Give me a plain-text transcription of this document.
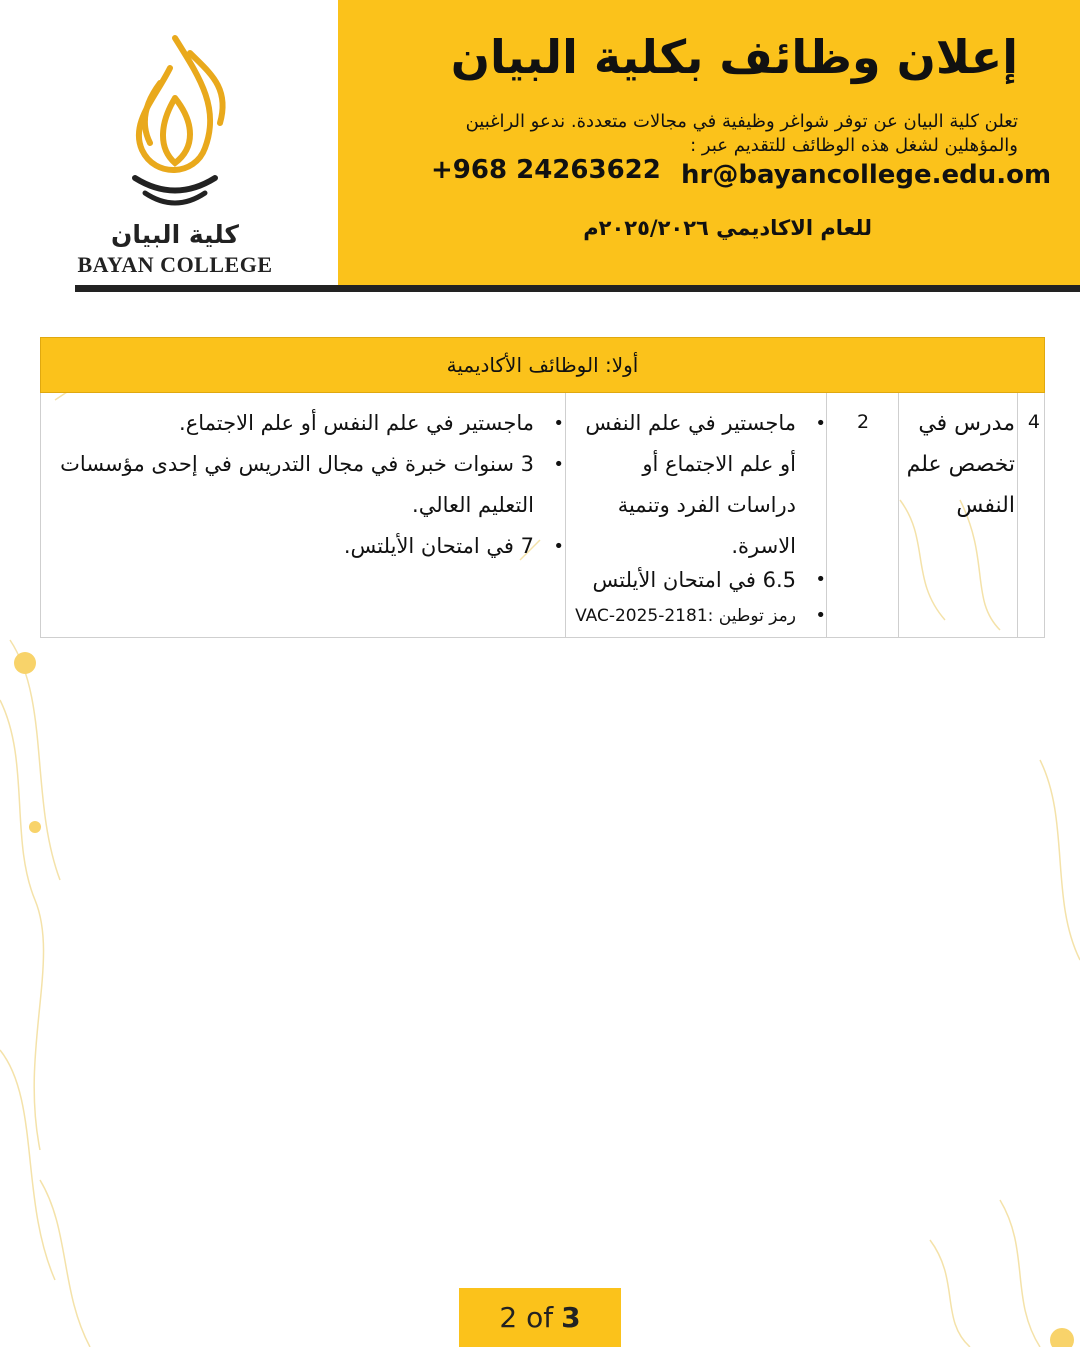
كلية البيان
BAYAN COLLEGE
إعلان وظائف بكلية البيان
تعلن كلية البيان عن توفر شواغر وظيفية في مجالات متعددة. ندعو الراغبين والمؤهلين لشغل هذه الوظائف للتقديم عبر :
+968 24263622 hr@bayancollege.edu.om
للعام الاكاديمي ٢٠٢٥/٢٠٢٦م
أولا: الوظائف الأكاديمية
4
مدرس في تخصص علم النفس
2
• ماجستير في علم النفس أو علم الاجتماع أو دراسات الفرد وتنمية الاسرة.
• 6.5 في امتحان الأيلتس
• رمز توطين :VAC-2025-2181
• ماجستير في علم النفس أو علم الاجتماع.
• 3 سنوات خبرة في مجال التدريس في إحدى مؤسسات التعليم العالي.
• 7 في امتحان الأيلتس.
2 of 3
